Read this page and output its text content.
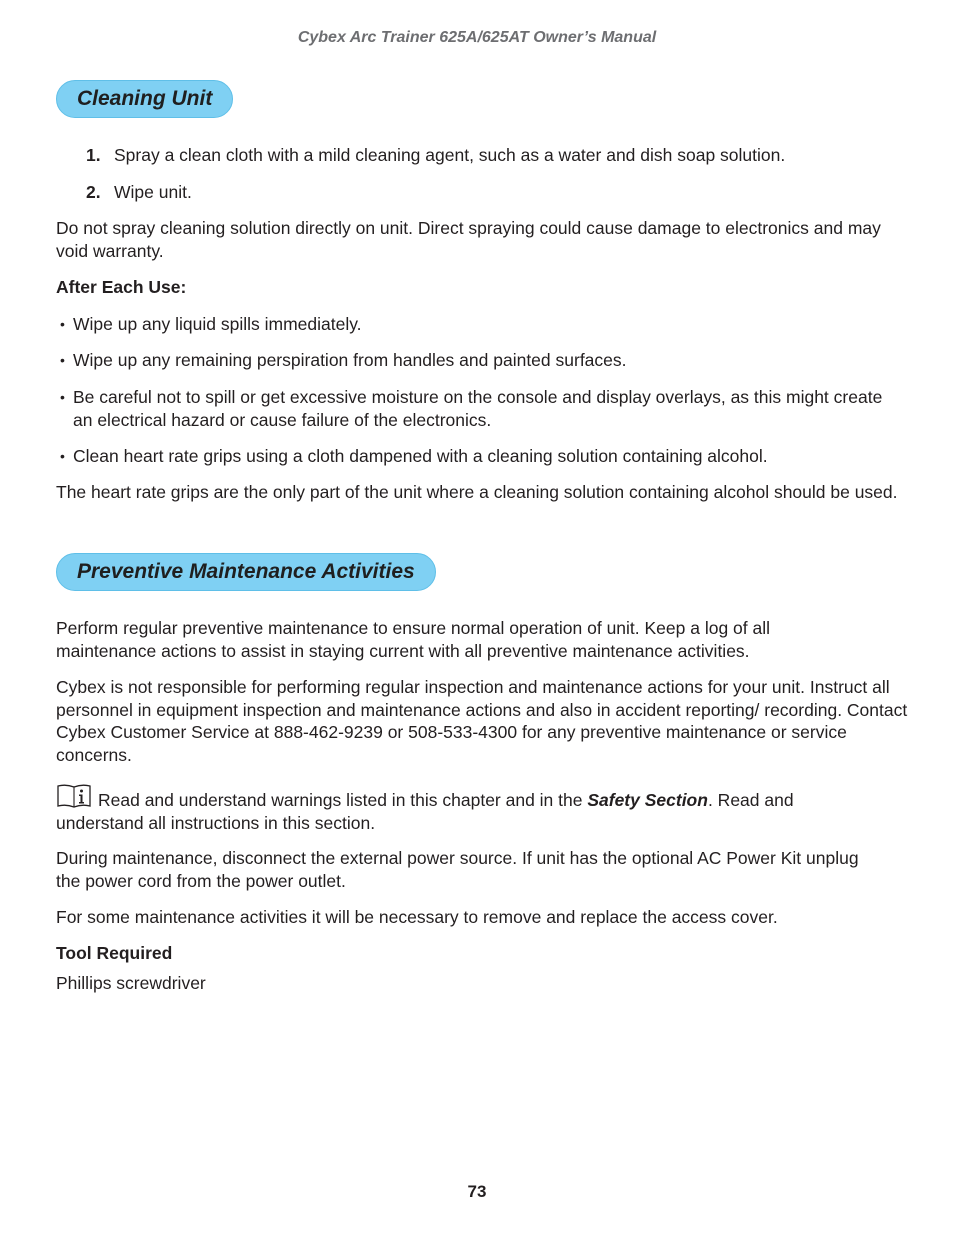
Cybex Arc Trainer 625A/625AT Owner’s Manual
Cleaning Unit
1. Spray a clean cloth with a mild cleaning agent, such as a water and dish soap solution.
2. Wipe unit.

Do not spray cleaning solution directly on unit. Direct spraying could cause damage to electronics and may void warranty.

After Each Use:
• Wipe up any liquid spills immediately.
• Wipe up any remaining perspiration from handles and painted surfaces.
• Be careful not to spill or get excessive moisture on the console and display overlays, as this might create an electrical hazard or cause failure of the electronics.
• Clean heart rate grips using a cloth dampened with a cleaning solution containing alcohol.

The heart rate grips are the only part of the unit where a cleaning solution containing alcohol should be used.

Preventive Maintenance Activities

Perform regular preventive maintenance to ensure normal operation of unit. Keep a log of all maintenance actions to assist in staying current with all preventive maintenance activities.

Cybex is not responsible for performing regular inspection and maintenance actions for your unit. Instruct all personnel in equipment inspection and maintenance actions and also in accident reporting/ recording. Contact Cybex Customer Service at 888-462-9239 or 508-533-4300 for any preventive maintenance or service concerns.

Read and understand warnings listed in this chapter and in the Safety Section. Read and understand all instructions in this section.

During maintenance, disconnect the external power source. If unit has the optional AC Power Kit unplug the power cord from the power outlet.

For some maintenance activities it will be necessary to remove and replace the access cover.

Tool Required
Phillips screwdriver
73
